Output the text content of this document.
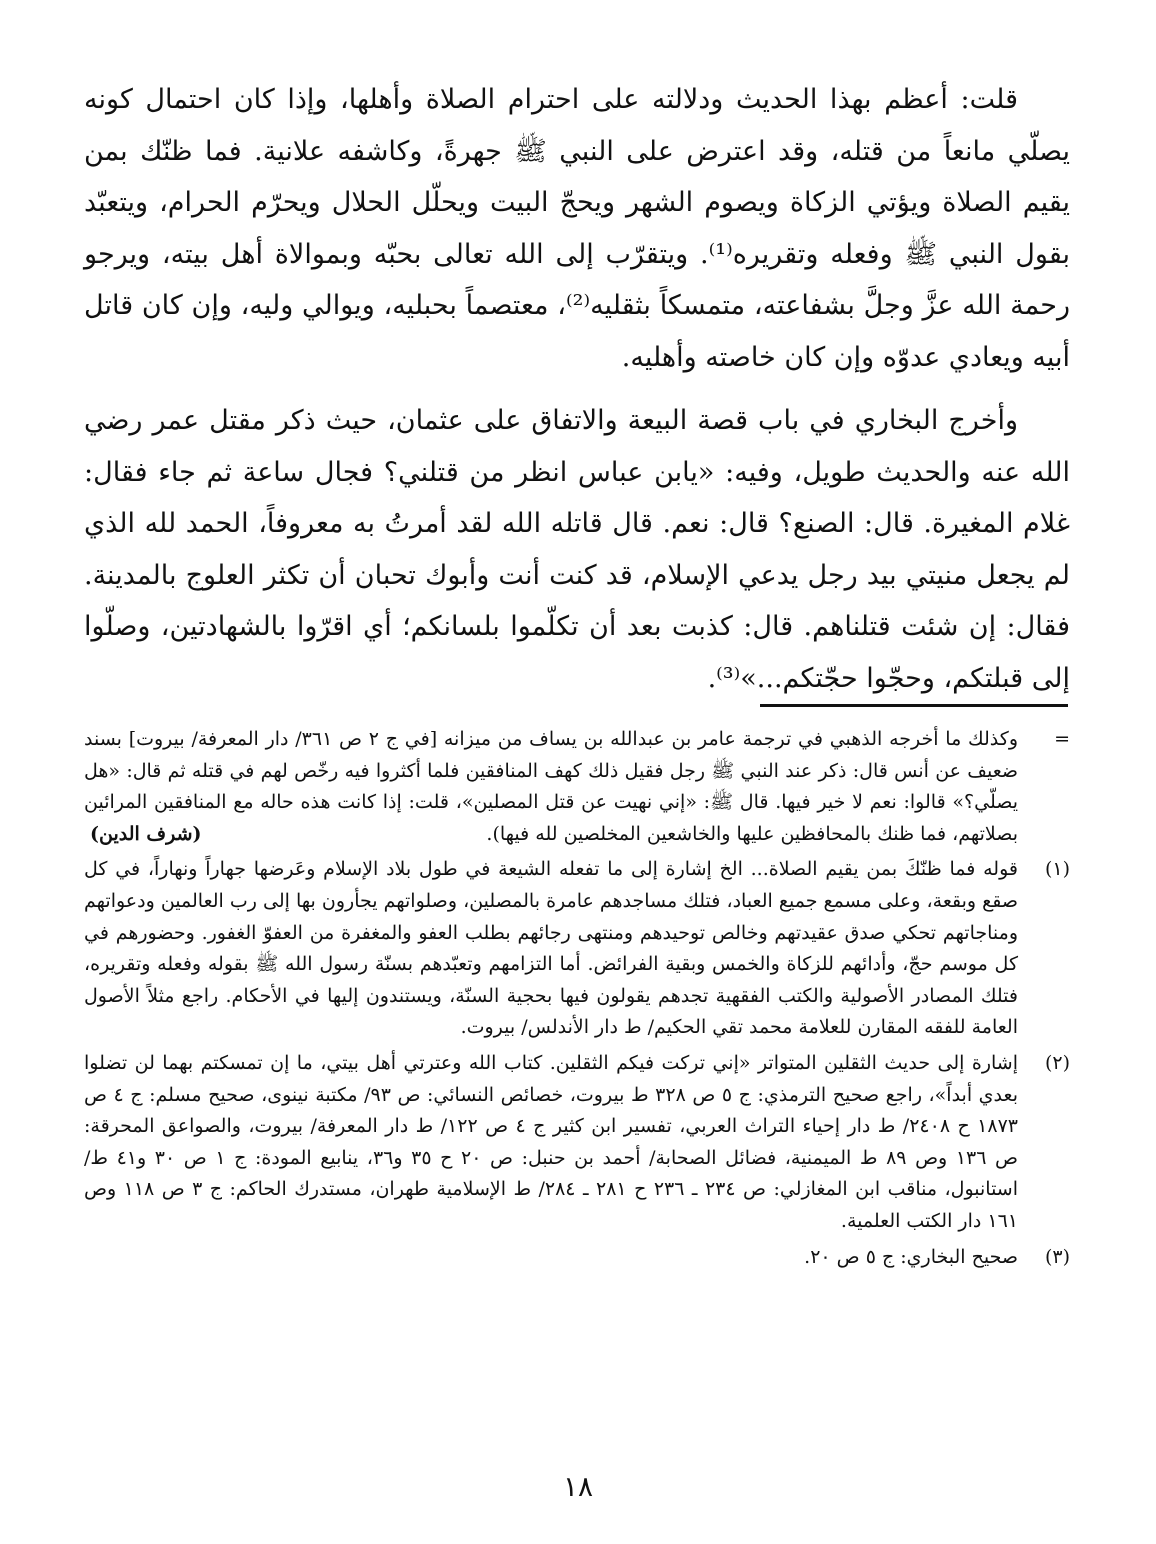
قلت: أعظم بهذا الحديث ودلالته على احترام الصلاة وأهلها، وإذا كان احتمال كونه يصلّي مانعاً من قتله، وقد اعترض على النبي ﷺ جهرةً، وكاشفه علانية. فما ظنّك بمن يقيم الصلاة ويؤتي الزكاة ويصوم الشهر ويحجّ البيت ويحلّل الحلال ويحرّم الحرام، ويتعبّد بقول النبي ﷺ وفعله وتقريره⁽¹⁾. ويتقرّب إلى الله تعالى بحبّه وبموالاة أهل بيته، ويرجو رحمة الله عزَّ وجلَّ بشفاعته، متمسكاً بثقليه⁽²⁾، معتصماً بحبليه، ويوالي وليه، وإن كان قاتل أبيه ويعادي عدوّه وإن كان خاصته وأهليه.

وأخرج البخاري في باب قصة البيعة والاتفاق على عثمان، حيث ذكر مقتل عمر رضي الله عنه والحديث طويل، وفيه: «يابن عباس انظر من قتلني؟ فجال ساعة ثم جاء فقال: غلام المغيرة. قال: الصنع؟ قال: نعم. قال قاتله الله لقد أمرتُ به معروفاً، الحمد لله الذي لم يجعل منيتي بيد رجل يدعي الإسلام، قد كنت أنت وأبوك تحبان أن تكثر العلوج بالمدينة. فقال: إن شئت قتلناهم. قال: كذبت بعد أن تكلّموا بلسانكم؛ أي اقرّوا بالشهادتين، وصلّوا إلى قبلتكم، وحجّوا حجّتكم...»⁽³⁾.

=

وكذلك ما أخرجه الذهبي في ترجمة عامر بن عبدالله بن يساف من ميزانه [في ج ٢ ص ٣٦١/ دار المعرفة/ بيروت] بسند ضعيف عن أنس قال: ذكر عند النبي ﷺ رجل فقيل ذلك كهف المنافقين فلما أكثروا فيه رخّص لهم في قتله ثم قال: «هل يصلّي؟» قالوا: نعم لا خير فيها. قال ﷺ: «إني نهيت عن قتل المصلين»، قلت: إذا كانت هذه حاله مع المنافقين المرائين بصلاتهم، فما ظنك بالمحافظين عليها والخاشعين المخلصين لله فيها).
(شرف الدين)

(١)

قوله فما ظنّكَ بمن يقيم الصلاة... الخ إشارة إلى ما تفعله الشيعة في طول بلاد الإسلام وعَرضها جهاراً ونهاراً، في كل صقع وبقعة، وعلى مسمع جميع العباد، فتلك مساجدهم عامرة بالمصلين، وصلواتهم يجأرون بها إلى رب العالمين ودعواتهم ومناجاتهم تحكي صدق عقيدتهم وخالص توحيدهم ومنتهى رجائهم بطلب العفو والمغفرة من العفوّ الغفور. وحضورهم في كل موسم حجّ، وأدائهم للزكاة والخمس وبقية الفرائض. أما التزامهم وتعبّدهم بسنّة رسول الله ﷺ بقوله وفعله وتقريره، فتلك المصادر الأصولية والكتب الفقهية تجدهم يقولون فيها بحجية السنّة، ويستندون إليها في الأحكام. راجع مثلاً الأصول العامة للفقه المقارن للعلامة محمد تقي الحكيم/ ط دار الأندلس/ بيروت.

(٢)

إشارة إلى حديث الثقلين المتواتر «إني تركت فيكم الثقلين. كتاب الله وعترتي أهل بيتي، ما إن تمسكتم بهما لن تضلوا بعدي أبداً»، راجع صحيح الترمذي: ج ٥ ص ٣٢٨ ط بيروت، خصائص النسائي: ص ٩٣/ مكتبة نينوى، صحيح مسلم: ج ٤ ص ١٨٧٣ ح ٢٤٠٨/ ط دار إحياء التراث العربي، تفسير ابن كثير ج ٤ ص ١٢٢/ ط دار المعرفة/ بيروت، والصواعق المحرقة: ص ١٣٦ وص ٨٩ ط الميمنية، فضائل الصحابة/ أحمد بن حنبل: ص ٢٠ ح ٣٥ و٣٦، ينابيع المودة: ج ١ ص ٣٠ و٤١ ط/ استانبول، مناقب ابن المغازلي: ص ٢٣٤ ـ ٢٣٦ ح ٢٨١ ـ ٢٨٤/ ط الإسلامية طهران، مستدرك الحاكم: ج ٣ ص ١١٨ وص ١٦١ دار الكتب العلمية.

(٣)

صحيح البخاري: ج ٥ ص ٢٠.

١٨
